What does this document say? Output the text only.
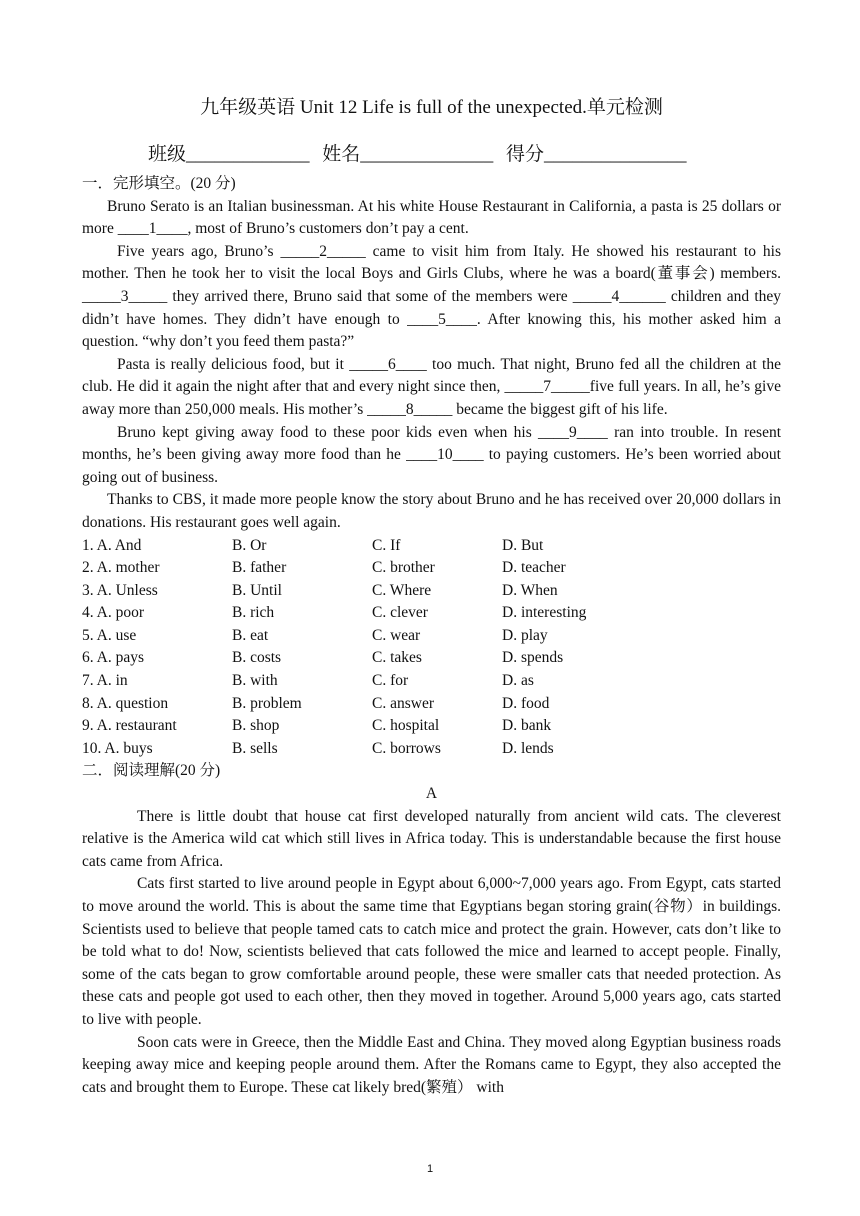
九年级英语 Unit 12 Life is full of the unexpected.单元检测
班级_____________ 姓名______________ 得分_______________

一．完形填空。(20 分)

Bruno Serato is an Italian businessman. At his white House Restaurant in California, a pasta is 25 dollars or more ____1____, most of Bruno’s customers don’t pay a cent.

Five years ago, Bruno’s _____2_____ came to visit him from Italy. He showed his restaurant to his mother. Then he took her to visit the local Boys and Girls Clubs, where he was a board(董事会) members. _____3_____ they arrived there, Bruno said that some of the members were _____4______ children and they didn’t have homes. They didn’t have enough to ____5____. After knowing this, his mother asked him a question. “why don’t you feed them pasta?”

Pasta is really delicious food, but it _____6____ too much. That night, Bruno fed all the children at the club. He did it again the night after that and every night since then, _____7_____five full years. In all, he’s give away more than 250,000 meals. His mother’s _____8_____ became the biggest gift of his life.

Bruno kept giving away food to these poor kids even when his ____9____ ran into trouble. In resent months, he’s been giving away more food than he ____10____ to paying customers. He’s been worried about going out of business.

Thanks to CBS, it made more people know the story about Bruno and he has received over 20,000 dollars in donations. His restaurant goes well again.

1. A. And	B. Or	C. If	D. But
2. A. mother	B. father	C. brother	D. teacher
3. A. Unless	B. Until	C. Where	D. When
4. A. poor	B. rich	C. clever	D. interesting
5. A. use	B. eat	C. wear	D. play
6. A. pays	B. costs	C. takes	D. spends
7. A. in	B. with	C. for	D. as
8. A. question	B. problem	C. answer	D. food
9. A. restaurant	B. shop	C. hospital	D. bank
10. A. buys	B. sells	C. borrows	D. lends

二．阅读理解(20 分)

A

There is little doubt that house cat first developed naturally from ancient wild cats. The cleverest relative is the America wild cat which still lives in Africa today. This is understandable because the first house cats came from Africa.

Cats first started to live around people in Egypt about 6,000~7,000 years ago. From Egypt, cats started to move around the world. This is about the same time that Egyptians began storing grain(谷物）in buildings. Scientists used to believe that people tamed cats to catch mice and protect the grain. However, cats don’t like to be told what to do! Now, scientists believed that cats followed the mice and learned to accept people. Finally, some of the cats began to grow comfortable around people, these were smaller cats that needed protection. As these cats and people got used to each other, then they moved in together. Around 5,000 years ago, cats started to live with people.

Soon cats were in Greece, then the Middle East and China. They moved along Egyptian business roads keeping away mice and keeping people around them. After the Romans came to Egypt, they also accepted the cats and brought them to Europe. These cat likely bred(繁殖） with

1
